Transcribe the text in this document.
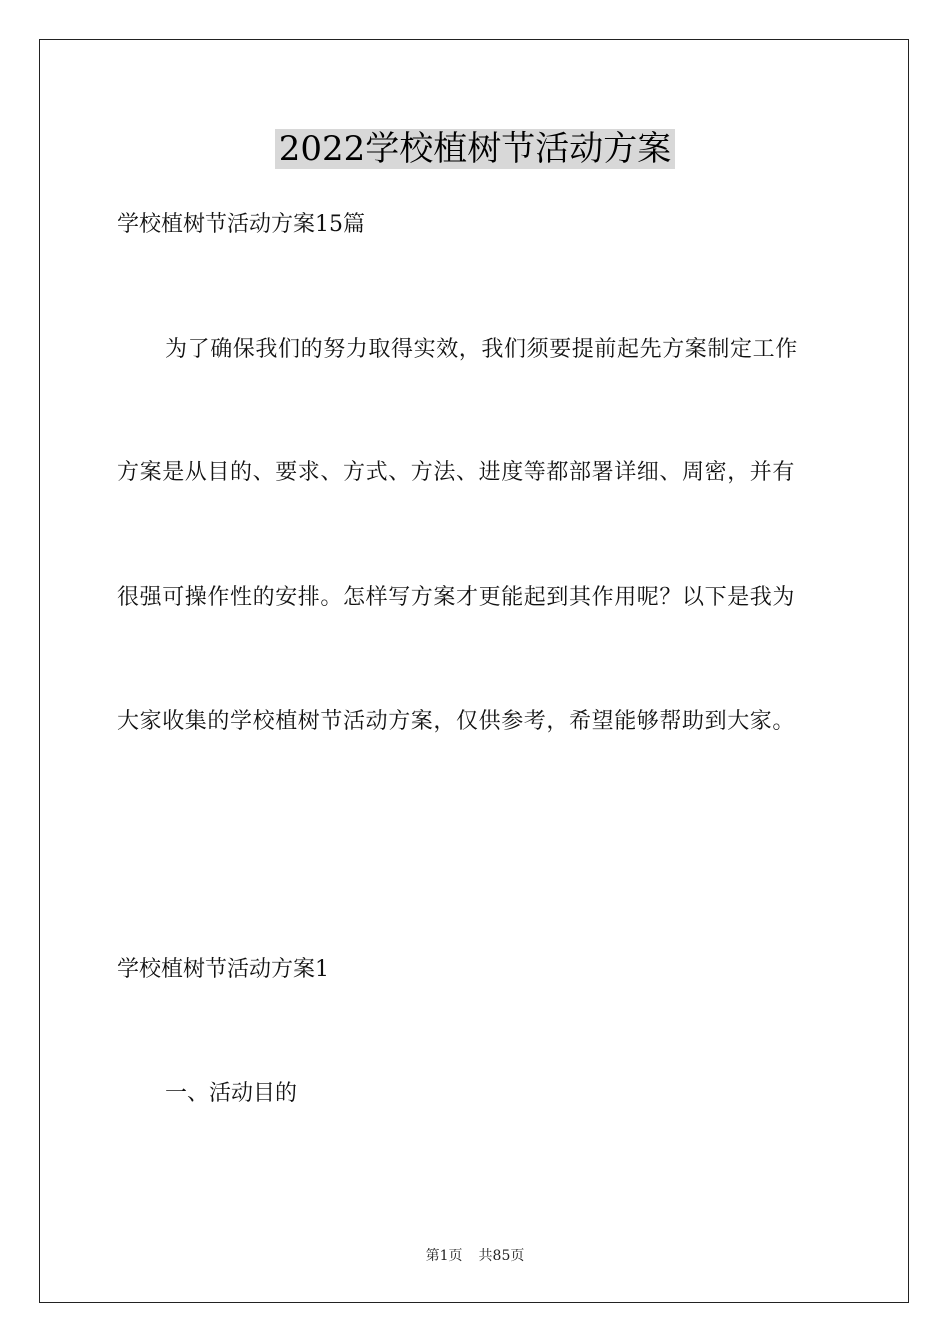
2022学校植树节活动方案
学校植树节活动方案15篇
为了确保我们的努力取得实效，我们须要提前起先方案制定工作
方案是从目的、要求、方式、方法、进度等都部署详细、周密，并有
很强可操作性的安排。怎样写方案才更能起到其作用呢？以下是我为
大家收集的学校植树节活动方案，仅供参考，希望能够帮助到大家。
学校植树节活动方案1
一、活动目的
第1页 共85页
